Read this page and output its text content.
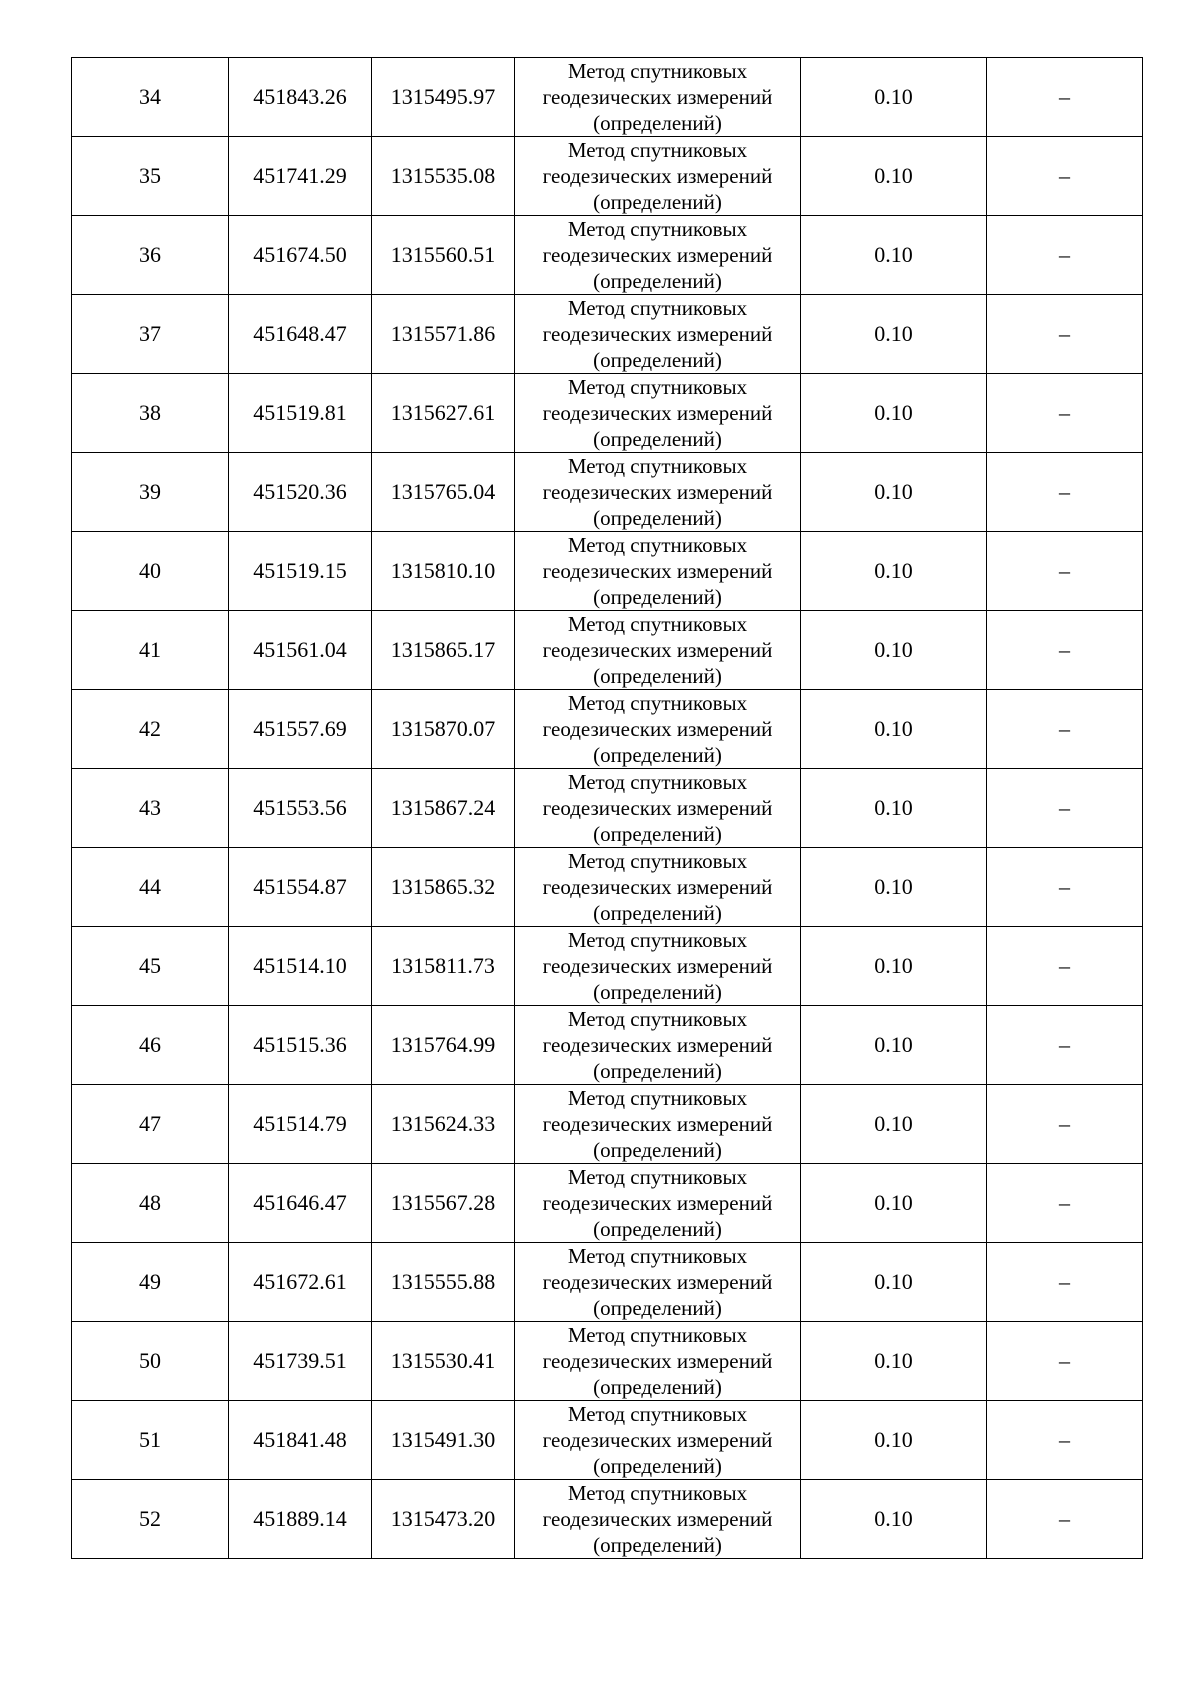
34	451843.26	1315495.97	Метод спутниковых геодезических измерений (определений)	0.10	–
35	451741.29	1315535.08	Метод спутниковых геодезических измерений (определений)	0.10	–
36	451674.50	1315560.51	Метод спутниковых геодезических измерений (определений)	0.10	–
37	451648.47	1315571.86	Метод спутниковых геодезических измерений (определений)	0.10	–
38	451519.81	1315627.61	Метод спутниковых геодезических измерений (определений)	0.10	–
39	451520.36	1315765.04	Метод спутниковых геодезических измерений (определений)	0.10	–
40	451519.15	1315810.10	Метод спутниковых геодезических измерений (определений)	0.10	–
41	451561.04	1315865.17	Метод спутниковых геодезических измерений (определений)	0.10	–
42	451557.69	1315870.07	Метод спутниковых геодезических измерений (определений)	0.10	–
43	451553.56	1315867.24	Метод спутниковых геодезических измерений (определений)	0.10	–
44	451554.87	1315865.32	Метод спутниковых геодезических измерений (определений)	0.10	–
45	451514.10	1315811.73	Метод спутниковых геодезических измерений (определений)	0.10	–
46	451515.36	1315764.99	Метод спутниковых геодезических измерений (определений)	0.10	–
47	451514.79	1315624.33	Метод спутниковых геодезических измерений (определений)	0.10	–
48	451646.47	1315567.28	Метод спутниковых геодезических измерений (определений)	0.10	–
49	451672.61	1315555.88	Метод спутниковых геодезических измерений (определений)	0.10	–
50	451739.51	1315530.41	Метод спутниковых геодезических измерений (определений)	0.10	–
51	451841.48	1315491.30	Метод спутниковых геодезических измерений (определений)	0.10	–
52	451889.14	1315473.20	Метод спутниковых геодезических измерений (определений)	0.10	–
